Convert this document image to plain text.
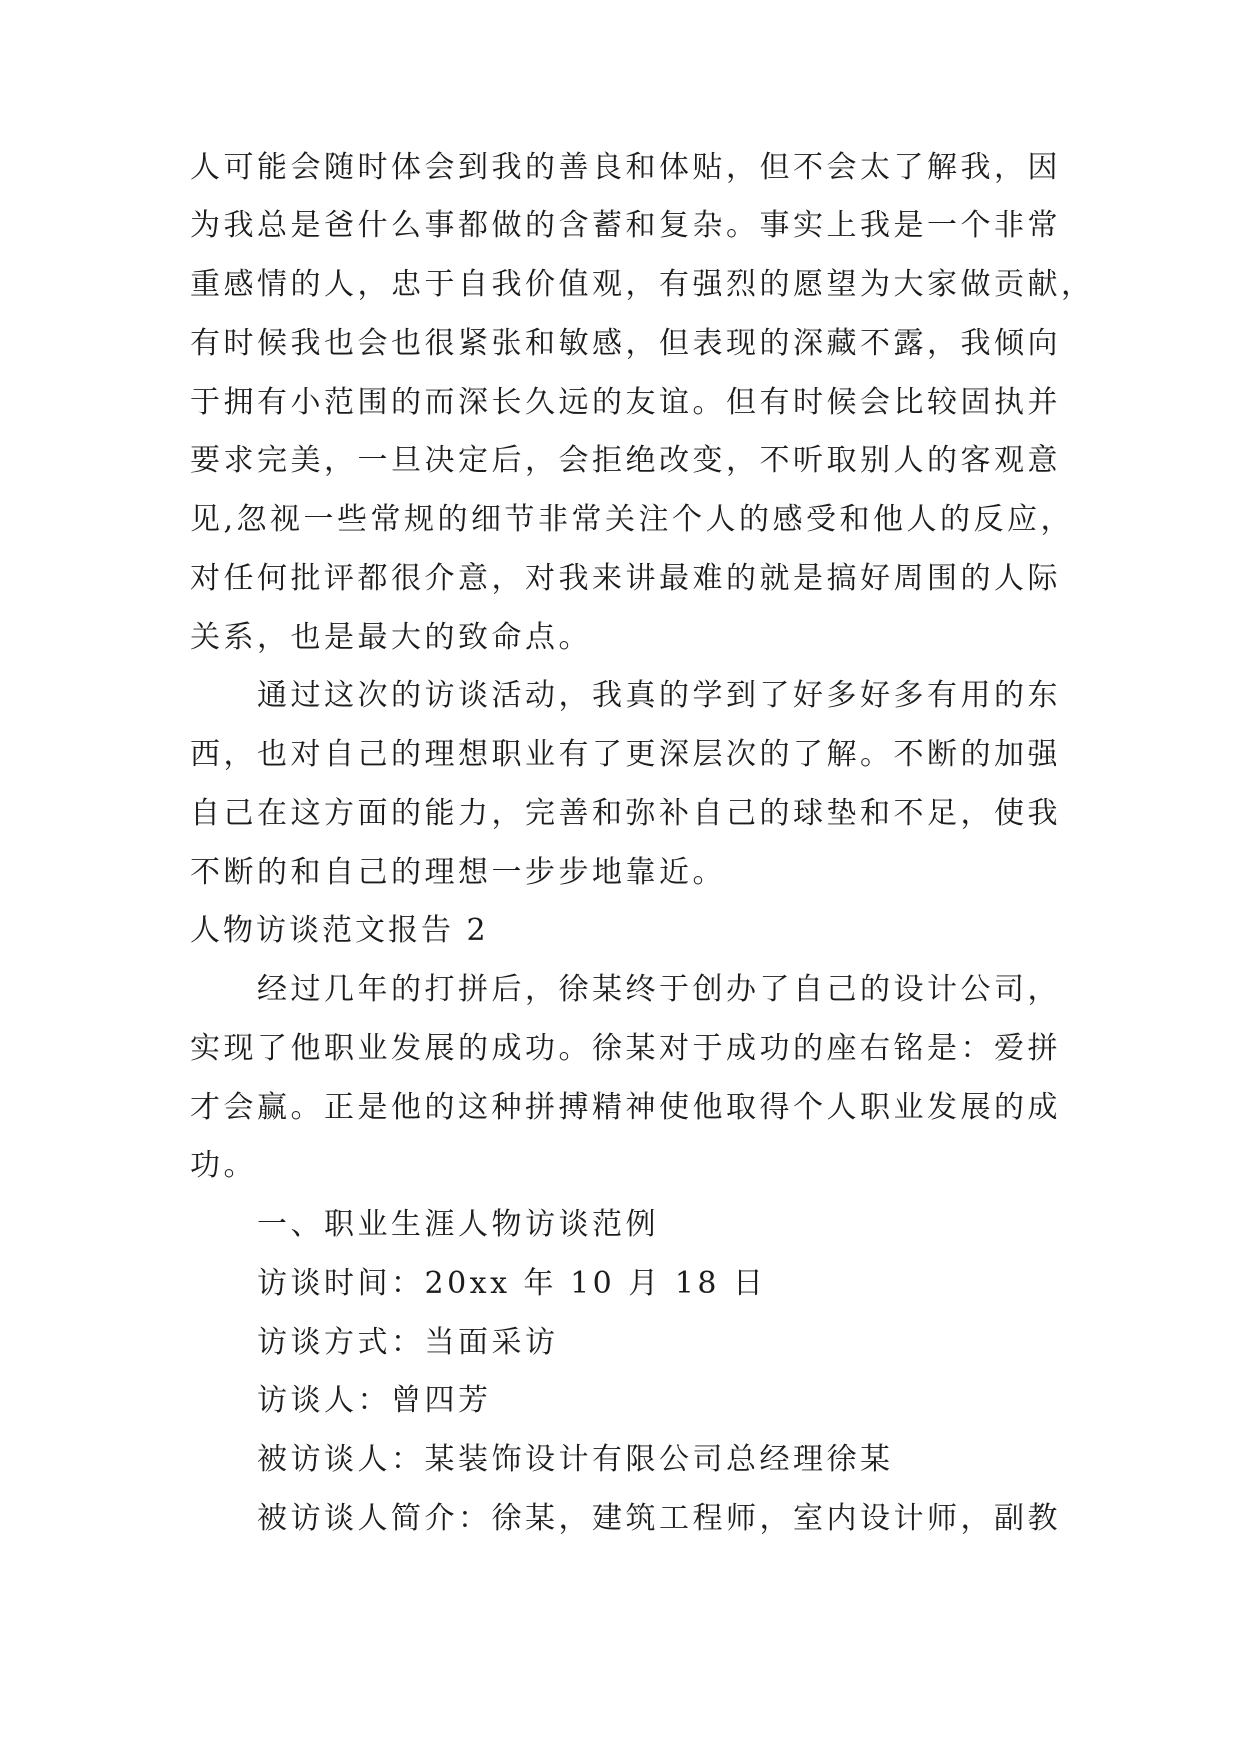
人可能会随时体会到我的善良和体贴，但不会太了解我，因
为我总是爸什么事都做的含蓄和复杂。事实上我是一个非常
重感情的人，忠于自我价值观，有强烈的愿望为大家做贡献，
有时候我也会也很紧张和敏感，但表现的深藏不露，我倾向
于拥有小范围的而深长久远的友谊。但有时候会比较固执并
要求完美，一旦决定后，会拒绝改变，不听取别人的客观意
见,忽视一些常规的细节非常关注个人的感受和他人的反应，
对任何批评都很介意，对我来讲最难的就是搞好周围的人际
关系，也是最大的致命点。
通过这次的访谈活动，我真的学到了好多好多有用的东
西，也对自己的理想职业有了更深层次的了解。不断的加强
自己在这方面的能力，完善和弥补自己的球垫和不足，使我
不断的和自己的理想一步步地靠近。
人物访谈范文报告 2
经过几年的打拼后，徐某终于创办了自己的设计公司，
实现了他职业发展的成功。徐某对于成功的座右铭是：爱拼
才会赢。正是他的这种拼搏精神使他取得个人职业发展的成
功。
一、职业生涯人物访谈范例
访谈时间：20xx 年 10 月 18 日
访谈方式：当面采访
访谈人：曾四芳
被访谈人：某装饰设计有限公司总经理徐某
被访谈人简介：徐某，建筑工程师，室内设计师，副教
